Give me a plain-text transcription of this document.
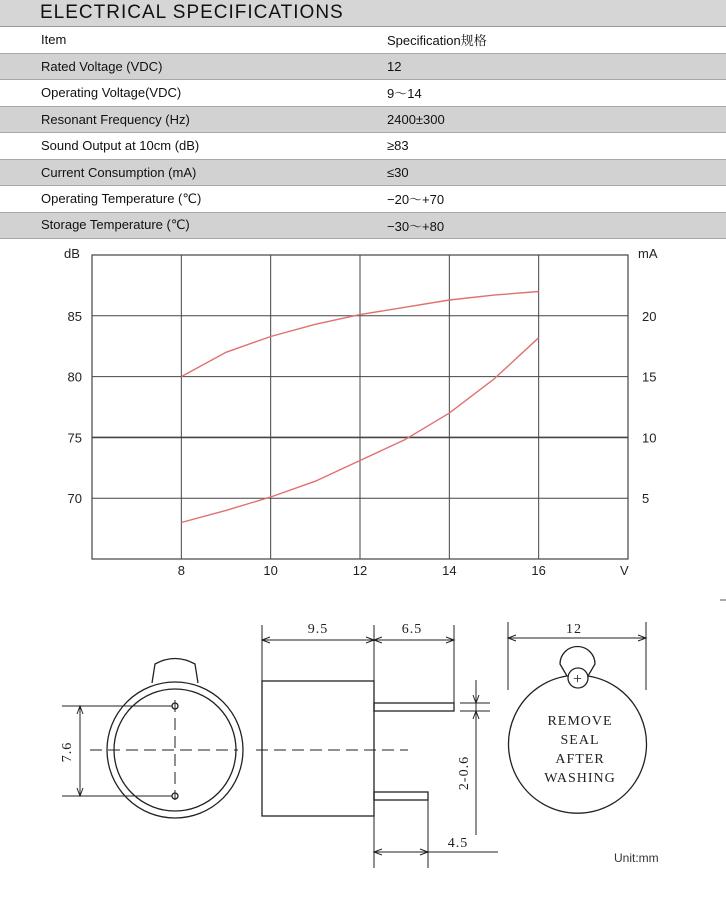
ELECTRICAL SPECIFICATIONS
Item	Specification规格
Rated Voltage (VDC)	12
Operating Voltage(VDC)	9～14
Resonant Frequency (Hz)	2400±300
Sound Output at 10cm (dB)	≥83
Current Consumption (mA)	≤30
Operating Temperature (℃)	−20～+70
Storage Temperature (℃)	−30～+80
8	10	12	14	16
70
75
80
85
5
10
15
20
dB	mA
V
7.6
9.5	6.5
2-0.6
4.5
+
12
REMOVE
SEAL
AFTER
WASHING
Unit:mm
